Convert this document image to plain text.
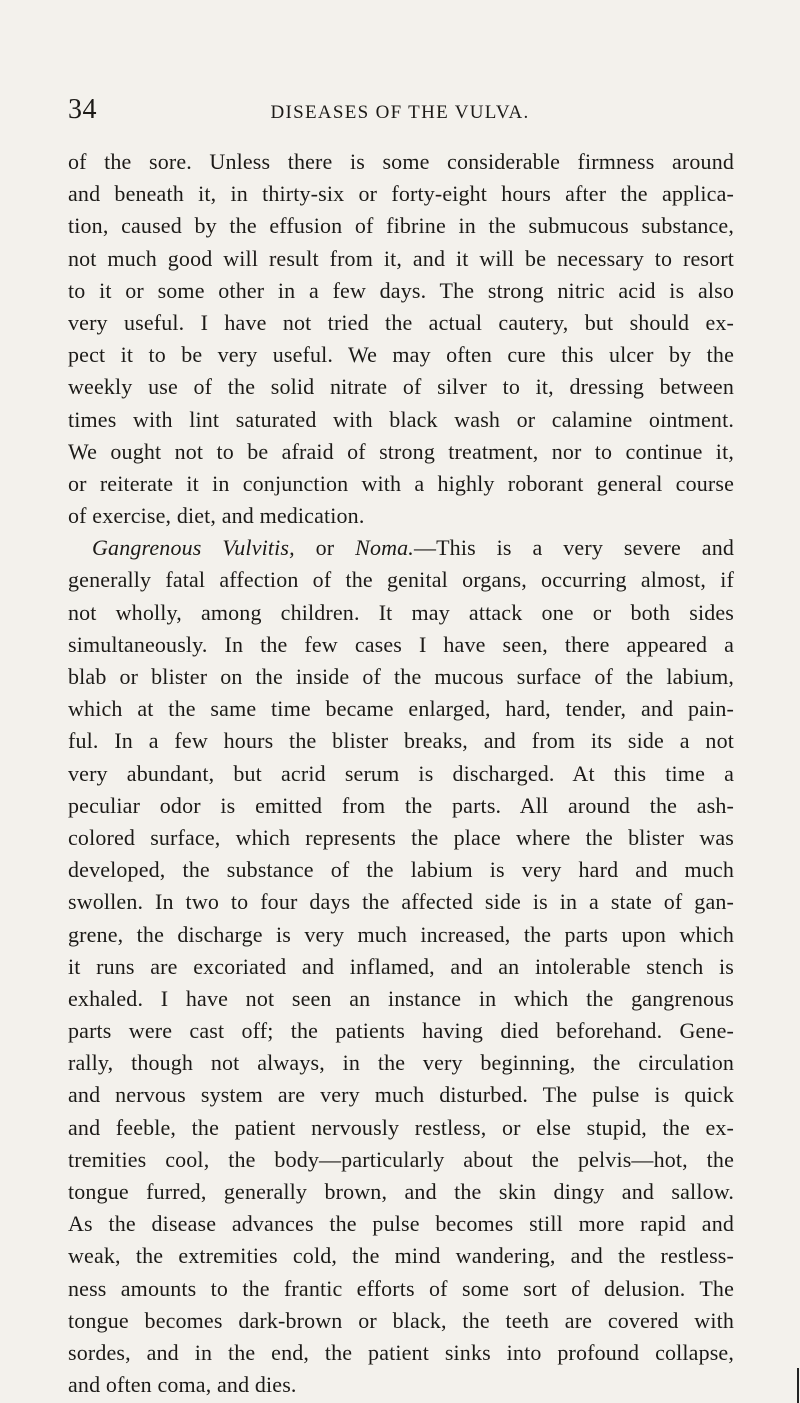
34	DISEASES OF THE VULVA.
of the sore. Unless there is some considerable firmness around
and beneath it, in thirty-six or forty-eight hours after the applica-
tion, caused by the effusion of fibrine in the submucous substance,
not much good will result from it, and it will be necessary to resort
to it or some other in a few days. The strong nitric acid is also
very useful. I have not tried the actual cautery, but should ex-
pect it to be very useful. We may often cure this ulcer by the
weekly use of the solid nitrate of silver to it, dressing between
times with lint saturated with black wash or calamine ointment.
We ought not to be afraid of strong treatment, nor to continue it,
or reiterate it in conjunction with a highly roborant general course
of exercise, diet, and medication.
Gangrenous Vulvitis, or Noma.—This is a very severe and
generally fatal affection of the genital organs, occurring almost, if
not wholly, among children. It may attack one or both sides
simultaneously. In the few cases I have seen, there appeared a
blab or blister on the inside of the mucous surface of the labium,
which at the same time became enlarged, hard, tender, and pain-
ful. In a few hours the blister breaks, and from its side a not
very abundant, but acrid serum is discharged. At this time a
peculiar odor is emitted from the parts. All around the ash-
colored surface, which represents the place where the blister was
developed, the substance of the labium is very hard and much
swollen. In two to four days the affected side is in a state of gan-
grene, the discharge is very much increased, the parts upon which
it runs are excoriated and inflamed, and an intolerable stench is
exhaled. I have not seen an instance in which the gangrenous
parts were cast off; the patients having died beforehand. Gene-
rally, though not always, in the very beginning, the circulation
and nervous system are very much disturbed. The pulse is quick
and feeble, the patient nervously restless, or else stupid, the ex-
tremities cool, the body—particularly about the pelvis—hot, the
tongue furred, generally brown, and the skin dingy and sallow.
As the disease advances the pulse becomes still more rapid and
weak, the extremities cold, the mind wandering, and the restless-
ness amounts to the frantic efforts of some sort of delusion. The
tongue becomes dark-brown or black, the teeth are covered with
sordes, and in the end, the patient sinks into profound collapse,
and often coma, and dies.
